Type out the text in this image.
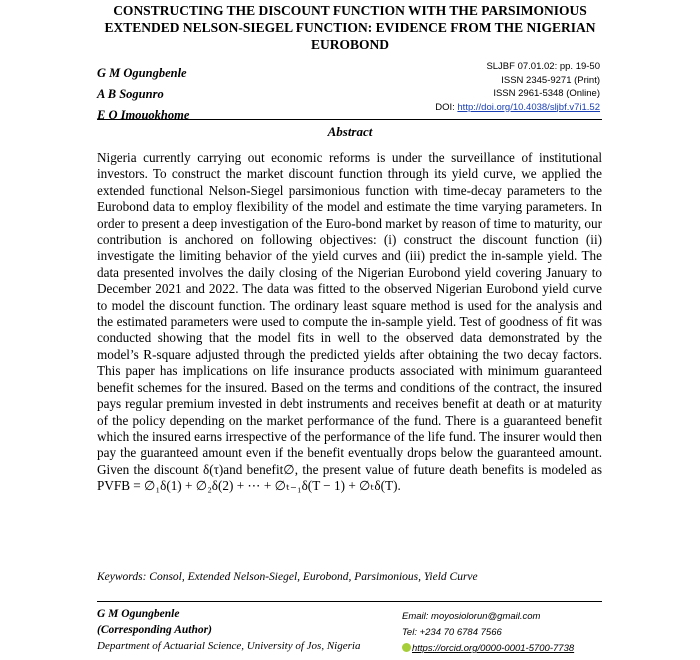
CONSTRUCTING THE DISCOUNT FUNCTION WITH THE PARSIMONIOUS
EXTENDED NELSON-SIEGEL FUNCTION: EVIDENCE FROM THE NIGERIAN
EUROBOND
G M Ogungbenle
A B Sogunro
E O Imouokhome
SLJBF 07.01.02: pp. 19-50
ISSN 2345-9271 (Print)
ISSN 2961-5348 (Online)
DOI: http://doi.org/10.4038/sljbf.v7i1.52
Abstract

Nigeria currently carrying out economic reforms is under the surveillance of institutional investors. To construct the market discount function through its yield curve, we applied the extended functional Nelson-Siegel parsimonious function with time-decay parameters to the Eurobond data to employ flexibility of the model and estimate the time varying parameters. In order to present a deep investigation of the Euro-bond market by reason of time to maturity, our contribution is anchored on following objectives: (i) construct the discount function (ii) investigate the limiting behavior of the yield curves and (iii) predict the in-sample yield. The data presented involves the daily closing of the Nigerian Eurobond yield covering January to December 2021 and 2022. The data was fitted to the observed Nigerian Eurobond yield curve to model the discount function. The ordinary least square method is used for the analysis and the estimated parameters were used to compute the in-sample yield. Test of goodness of fit was conducted showing that the model fits in well to the observed data demonstrated by the model’s R-square adjusted through the predicted yields after obtaining the two decay factors. This paper has implications on life insurance products associated with minimum guaranteed benefit schemes for the insured. Based on the terms and conditions of the contract, the insured pays regular premium invested in debt instruments and receives benefit at death or at maturity of the policy depending on the market performance of the fund. There is a guaranteed benefit which the insured earns irrespective of the performance of the life fund. The insurer would then pay the guaranteed amount even if the benefit eventually drops below the guaranteed amount. Given the discount δ(τ)and benefit∅, the present value of future death benefits is modeled as PVFB = ∅₁δ(1) + ∅₂δ(2) + ⋯ + ∅ₜ₋₁δ(T − 1) + ∅ₜδ(T).

Keywords: Consol, Extended Nelson-Siegel, Eurobond, Parsimonious, Yield Curve
G M Ogungbenle
(Corresponding Author)
Department of Actuarial Science, University of Jos, Nigeria
Email: moyosiolorun@gmail.com
Tel: +234 70 6784 7566
https://orcid.org/0000-0001-5700-7738
